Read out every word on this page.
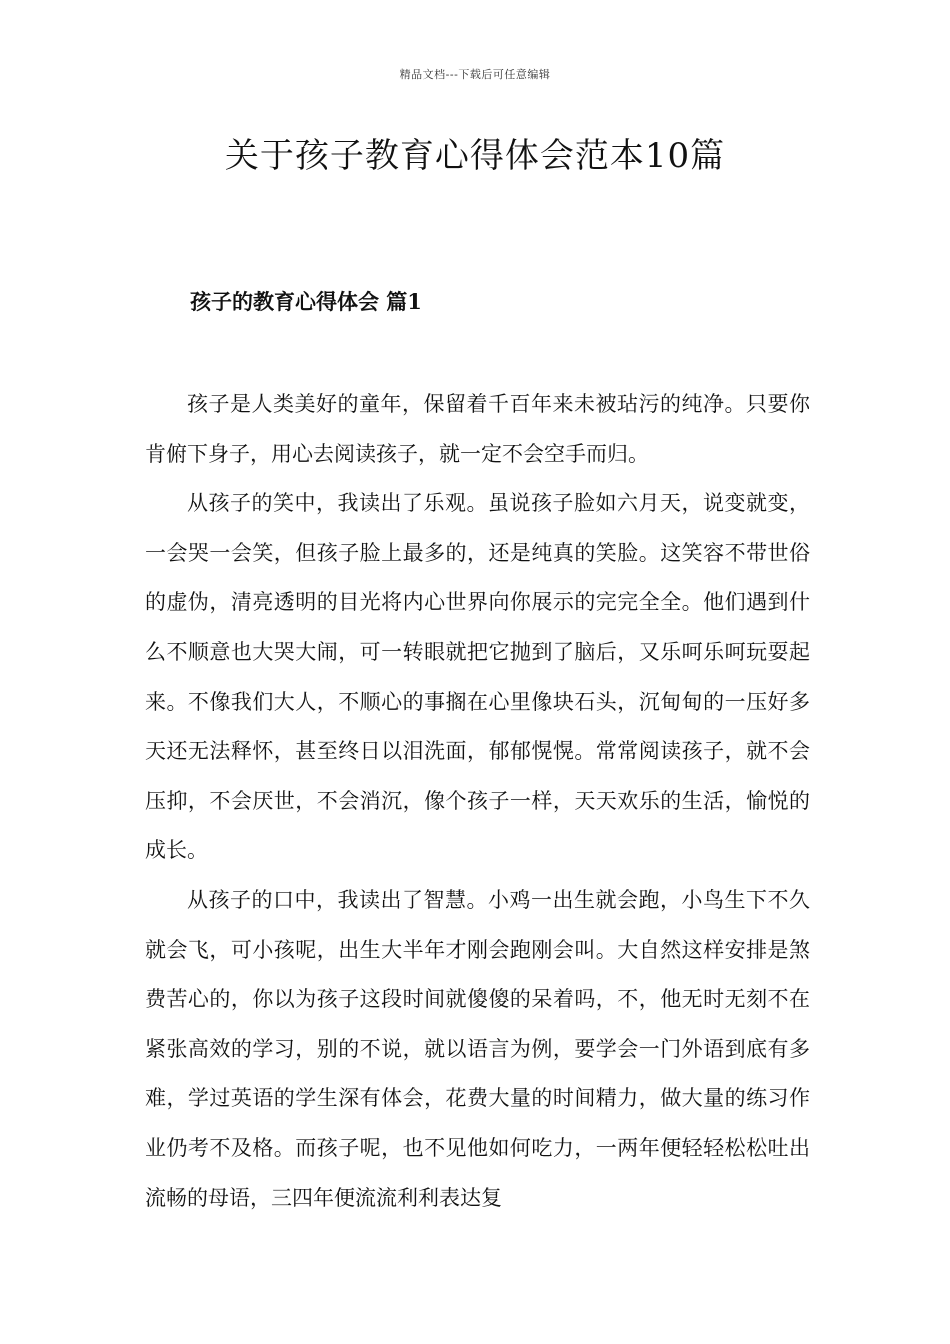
精品文档---下载后可任意编辑
关于孩子教育心得体会范本10篇
孩子的教育心得体会 篇1

孩子是人类美好的童年，保留着千百年来未被玷污的纯净。只要你肯俯下身子，用心去阅读孩子，就一定不会空手而归。

从孩子的笑中，我读出了乐观。虽说孩子脸如六月天，说变就变，一会哭一会笑，但孩子脸上最多的，还是纯真的笑脸。这笑容不带世俗的虚伪，清亮透明的目光将内心世界向你展示的完完全全。他们遇到什么不顺意也大哭大闹，可一转眼就把它抛到了脑后，又乐呵乐呵玩耍起来。不像我们大人，不顺心的事搁在心里像块石头，沉甸甸的一压好多天还无法释怀，甚至终日以泪洗面，郁郁愰愰。常常阅读孩子，就不会压抑，不会厌世，不会消沉，像个孩子一样，天天欢乐的生活，愉悦的成长。

从孩子的口中，我读出了智慧。小鸡一出生就会跑，小鸟生下不久就会飞，可小孩呢，出生大半年才刚会跑刚会叫。大自然这样安排是煞费苦心的，你以为孩子这段时间就傻傻的呆着吗，不，他无时无刻不在紧张高效的学习，别的不说，就以语言为例，要学会一门外语到底有多难，学过英语的学生深有体会，花费大量的时间精力，做大量的练习作业仍考不及格。而孩子呢，也不见他如何吃力，一两年便轻轻松松吐出流畅的母语，三四年便流流利利表达复
